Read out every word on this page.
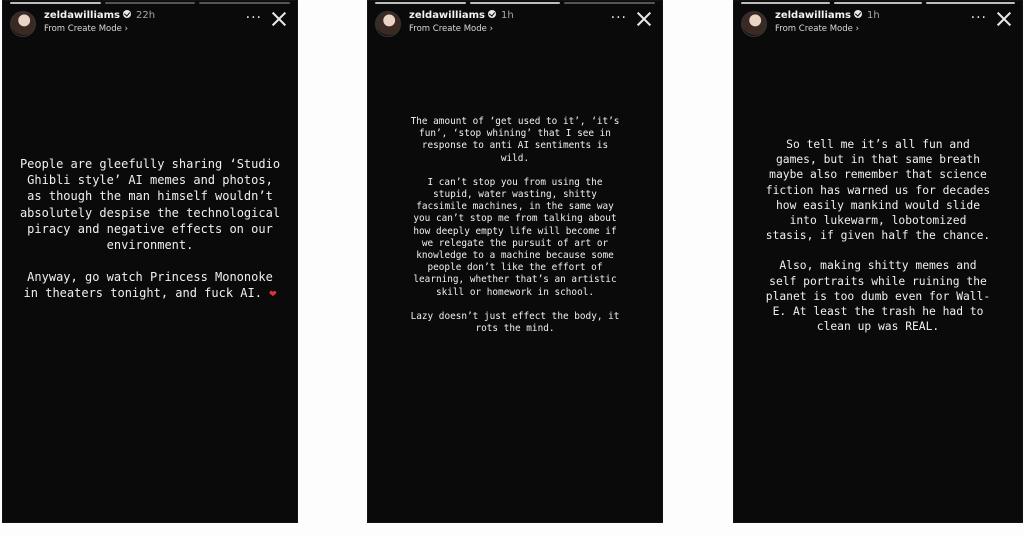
zeldawilliams 22h
From Create Mode ›
···

People are gleefully sharing ‘Studio Ghibli style’ AI memes and photos, as though the man himself wouldn’t absolutely despise the technological piracy and negative effects on our environment.

Anyway, go watch Princess Mononoke in theaters tonight, and fuck AI. ❤

zeldawilliams 1h
From Create Mode ›
···

The amount of ‘get used to it’, ‘it’s fun’, ‘stop whining’ that I see in response to anti AI sentiments is wild.

I can’t stop you from using the stupid, water wasting, shitty facsimile machines, in the same way you can’t stop me from talking about how deeply empty life will become if we relegate the pursuit of art or knowledge to a machine because some people don’t like the effort of learning, whether that’s an artistic skill or homework in school.

Lazy doesn’t just effect the body, it rots the mind.

zeldawilliams 1h
From Create Mode ›
···

So tell me it’s all fun and games, but in that same breath maybe also remember that science fiction has warned us for decades how easily mankind would slide into lukewarm, lobotomized stasis, if given half the chance.

Also, making shitty memes and self portraits while ruining the planet is too dumb even for Wall-E. At least the trash he had to clean up was REAL.
